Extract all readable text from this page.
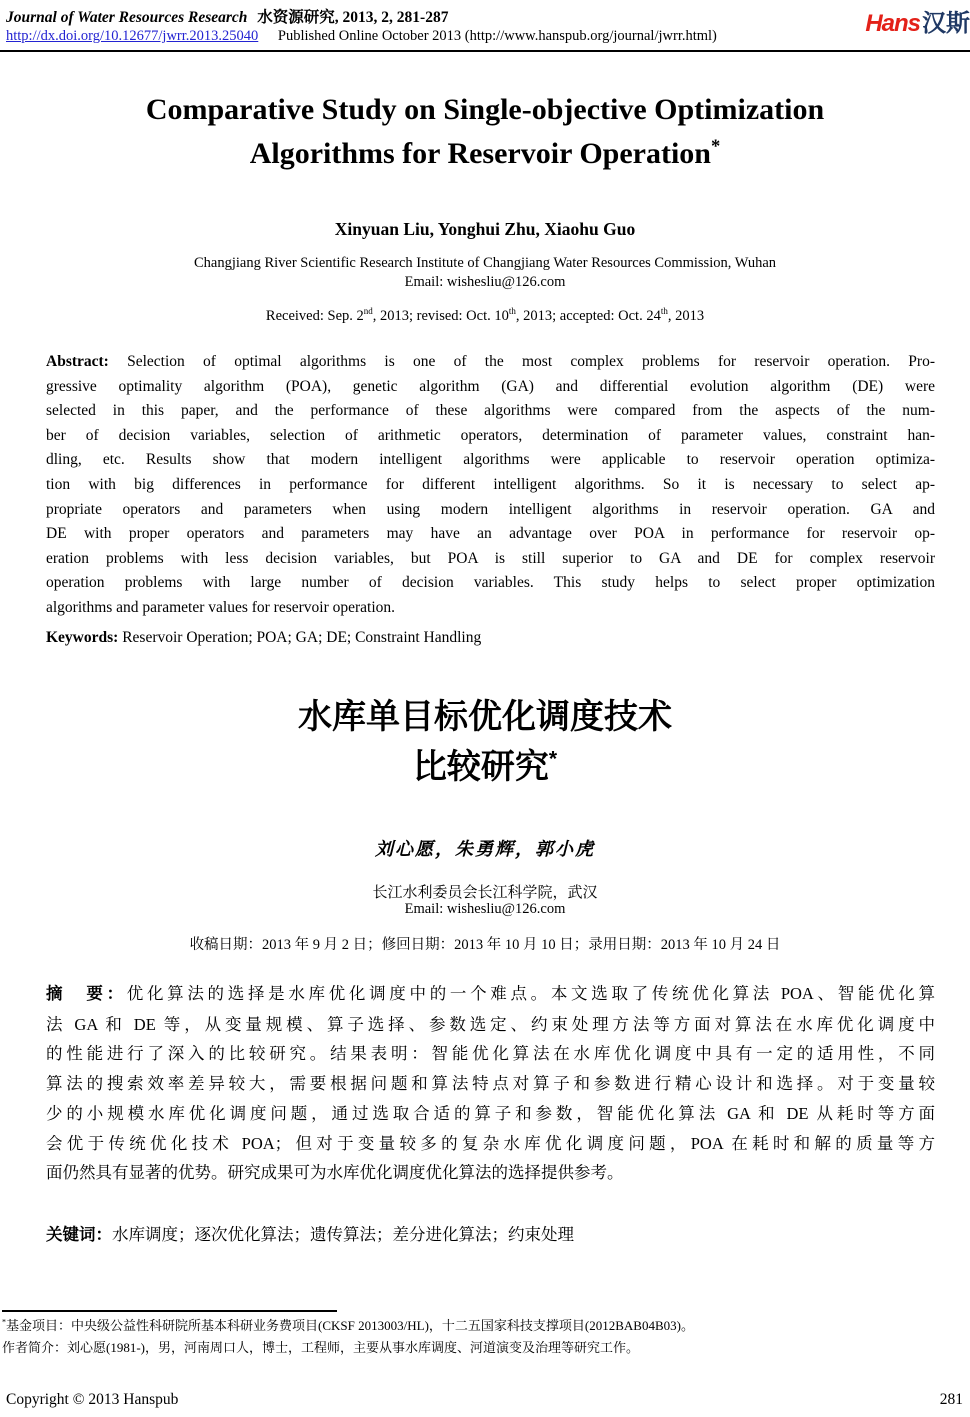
Journal of Water Resources Research 水资源研究, 2013, 2, 281-287
http://dx.doi.org/10.12677/jwrr.2013.25040 Published Online October 2013 (http://www.hanspub.org/journal/jwrr.html)	Hans汉斯
Comparative Study on Single-objective Optimization
Algorithms for Reservoir Operation*
Xinyuan Liu, Yonghui Zhu, Xiaohu Guo
Changjiang River Scientific Research Institute of Changjiang Water Resources Commission, Wuhan
Email: wishesliu@126.com
Received: Sep. 2nd, 2013; revised: Oct. 10th, 2013; accepted: Oct. 24th, 2013
Abstract: Selection of optimal algorithms is one of the most complex problems for reservoir operation. Pro-
gressive optimality algorithm (POA), genetic algorithm (GA) and differential evolution algorithm (DE) were
selected in this paper, and the performance of these algorithms were compared from the aspects of the num-
ber of decision variables, selection of arithmetic operators, determination of parameter values, constraint han-
dling, etc. Results show that modern intelligent algorithms were applicable to reservoir operation optimiza-
tion with big differences in performance for different intelligent algorithms. So it is necessary to select ap-
propriate operators and parameters when using modern intelligent algorithms in reservoir operation. GA and
DE with proper operators and parameters may have an advantage over POA in performance for reservoir op-
eration problems with less decision variables, but POA is still superior to GA and DE for complex reservoir
operation problems with large number of decision variables. This study helps to select proper optimization
algorithms and parameter values for reservoir operation.
Keywords: Reservoir Operation; POA; GA; DE; Constraint Handling
水库单目标优化调度技术
比较研究*
刘心愿，朱勇辉，郭小虎
长江水利委员会长江科学院，武汉
Email: wishesliu@126.com
收稿日期：2013 年 9 月 2 日；修回日期：2013 年 10 月 10 日；录用日期：2013 年 10 月 24 日
摘　要：优化算法的选择是水库优化调度中的一个难点。本文选取了传统优化算法 POA、智能优化算
法 GA 和 DE 等，从变量规模、算子选择、参数选定、约束处理方法等方面对算法在水库优化调度中
的性能进行了深入的比较研究。结果表明：智能优化算法在水库优化调度中具有一定的适用性，不同
算法的搜索效率差异较大，需要根据问题和算法特点对算子和参数进行精心设计和选择。对于变量较
少的小规模水库优化调度问题，通过选取合适的算子和参数，智能优化算法 GA 和 DE 从耗时等方面
会优于传统优化技术 POA；但对于变量较多的复杂水库优化调度问题，POA 在耗时和解的质量等方
面仍然具有显著的优势。研究成果可为水库优化调度优化算法的选择提供参考。
关键词：水库调度；逐次优化算法；遗传算法；差分进化算法；约束处理
*基金项目：中央级公益性科研院所基本科研业务费项目(CKSF 2013003/HL)，十二五国家科技支撑项目(2012BAB04B03)。
作者简介：刘心愿(1981-)，男，河南周口人，博士，工程师，主要从事水库调度、河道演变及治理等研究工作。
Copyright © 2013 Hanspub	281
